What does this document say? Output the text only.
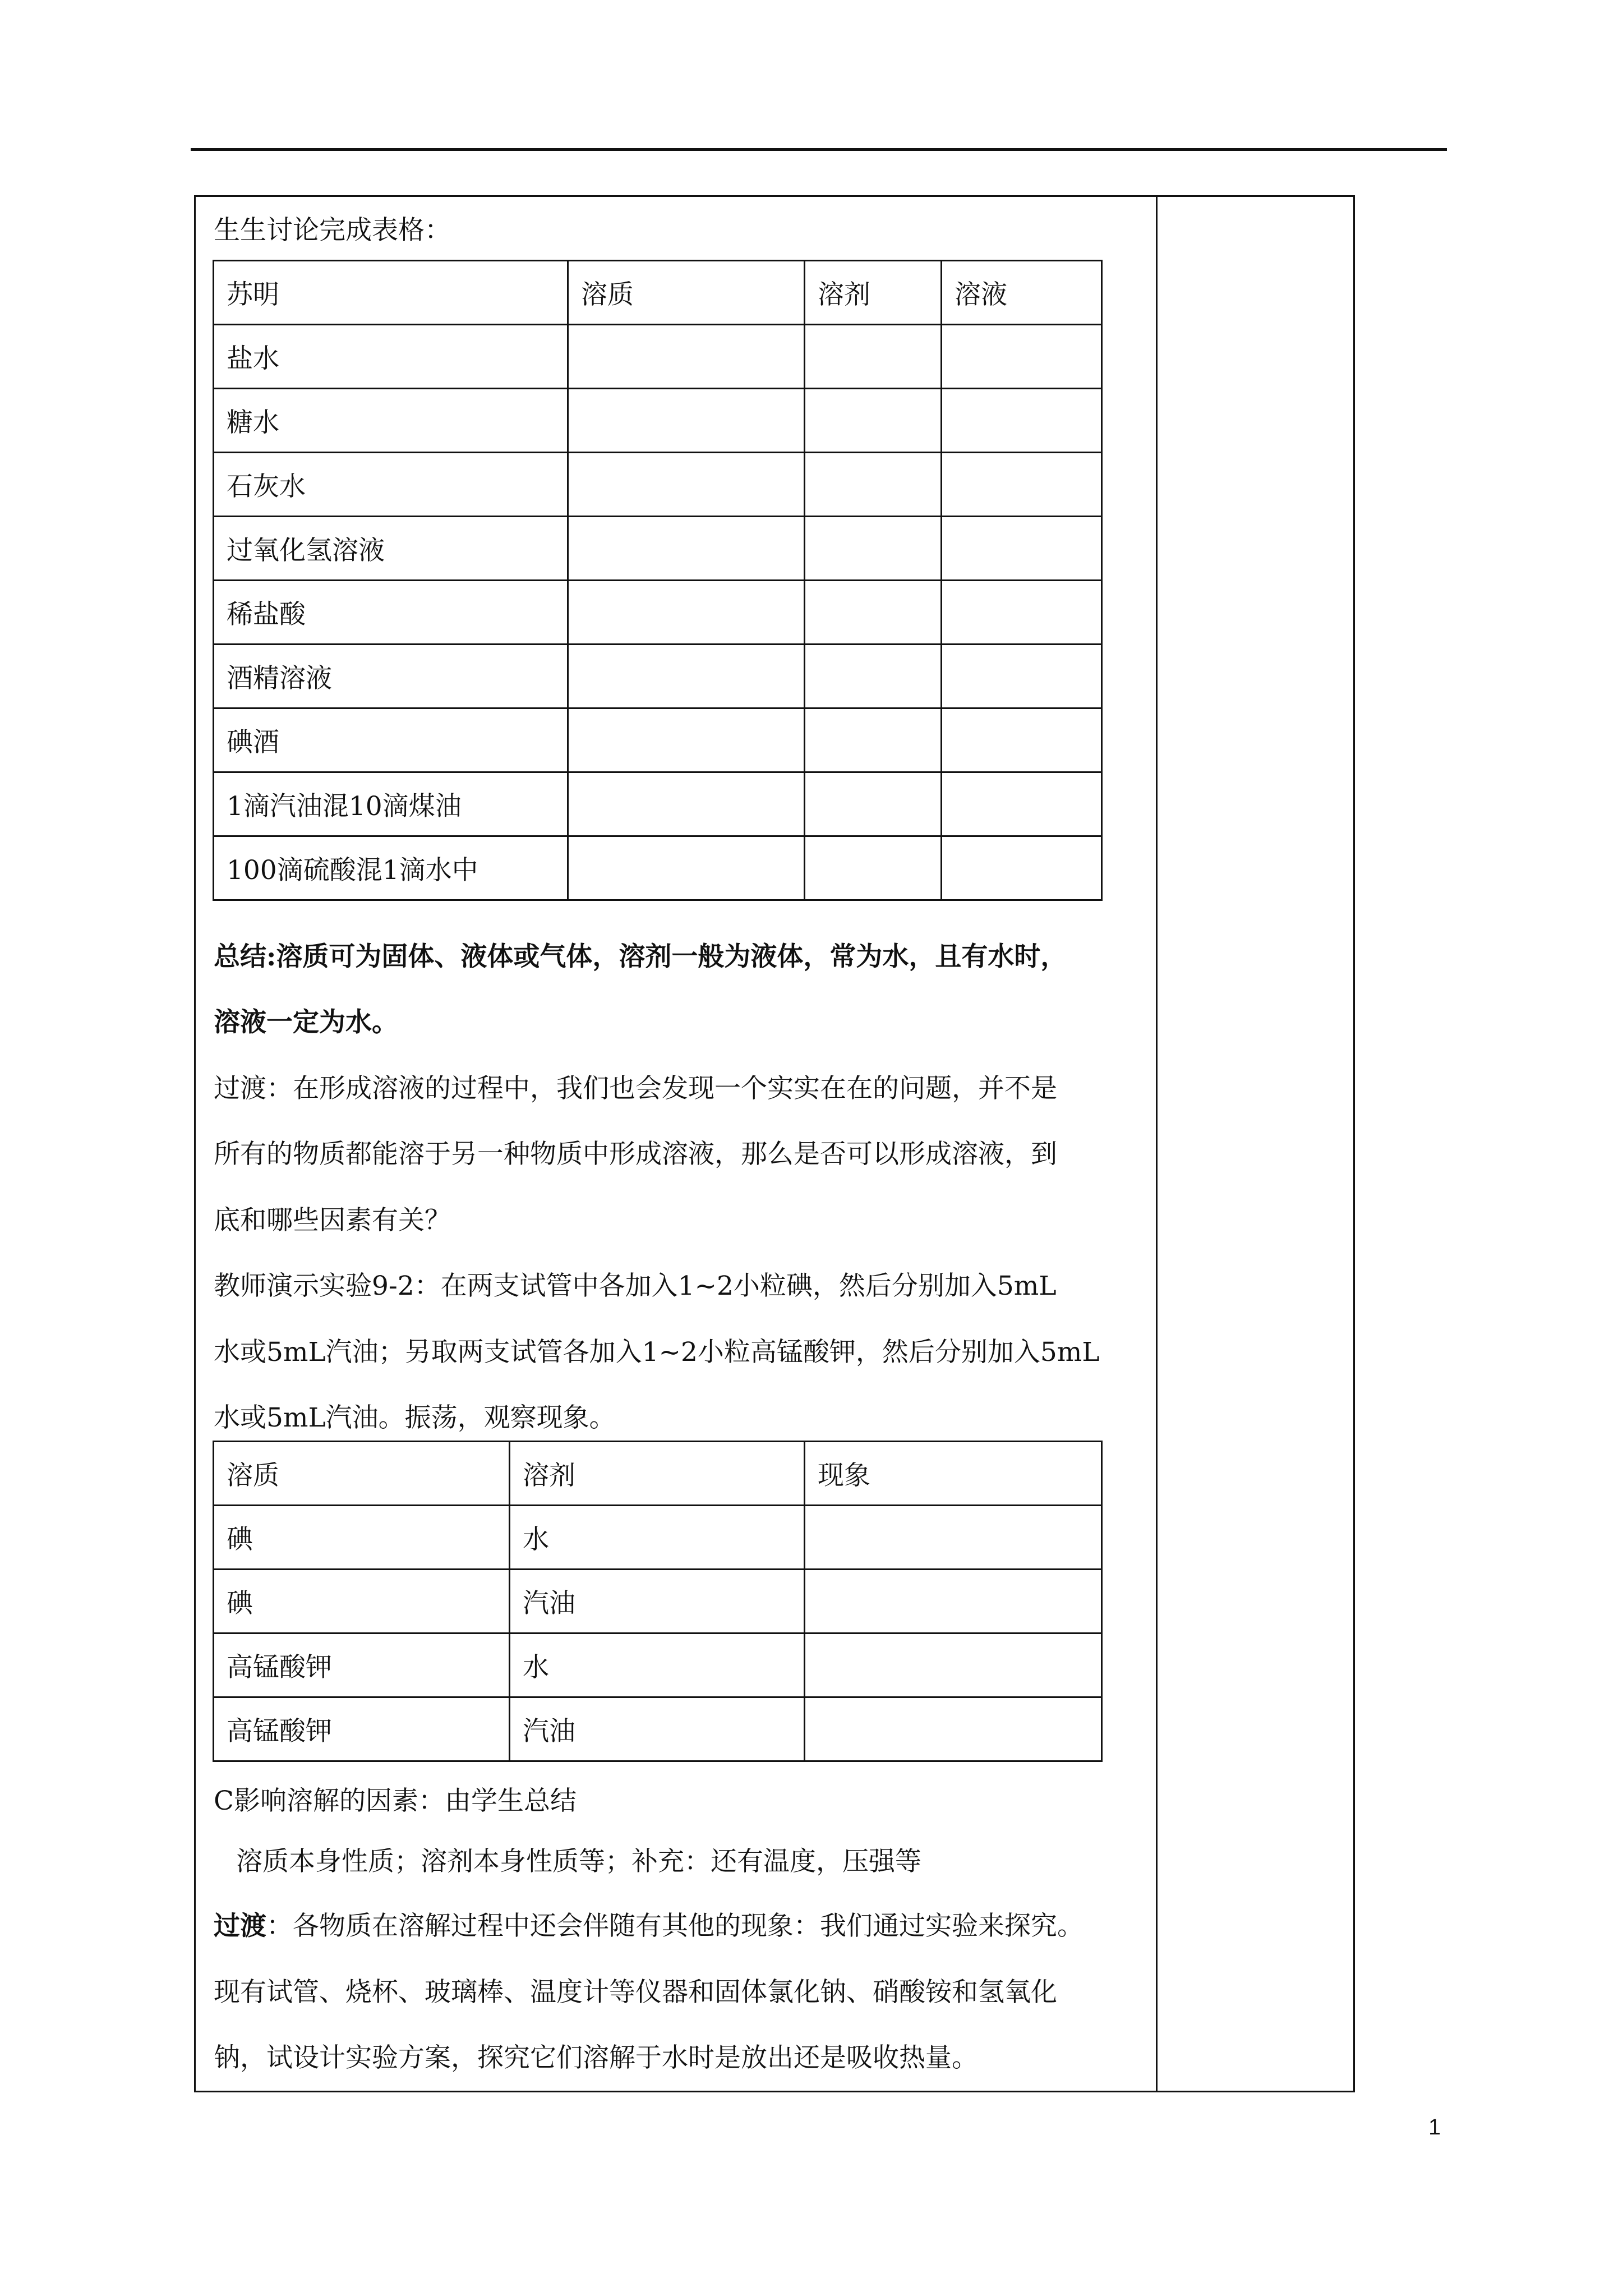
生生讨论完成表格：
苏明	溶质	溶剂	溶液
盐水			
糖水			
石灰水			
过氧化氢溶液			
稀盐酸			
酒精溶液			
碘酒			
1滴汽油混10滴煤油			
100滴硫酸混1滴水中			
总结:溶质可为固体、液体或气体，溶剂一般为液体，常为水，且有水时，
溶液一定为水。
过渡：在形成溶液的过程中，我们也会发现一个实实在在的问题，并不是
所有的物质都能溶于另一种物质中形成溶液，那么是否可以形成溶液，到
底和哪些因素有关？
教师演示实验9-2：在两支试管中各加入1~2小粒碘，然后分别加入5mL
水或5mL汽油；另取两支试管各加入1~2小粒高锰酸钾，然后分别加入5mL
水或5mL汽油。振荡，观察现象。
溶质	溶剂	现象
碘	水	
碘	汽油	
高锰酸钾	水	
高锰酸钾	汽油	
C影响溶解的因素：由学生总结
溶质本身性质；溶剂本身性质等；补充：还有温度，压强等
过渡：各物质在溶解过程中还会伴随有其他的现象：我们通过实验来探究。
现有试管、烧杯、玻璃棒、温度计等仪器和固体氯化钠、硝酸铵和氢氧化
钠，试设计实验方案，探究它们溶解于水时是放出还是吸收热量。
1
